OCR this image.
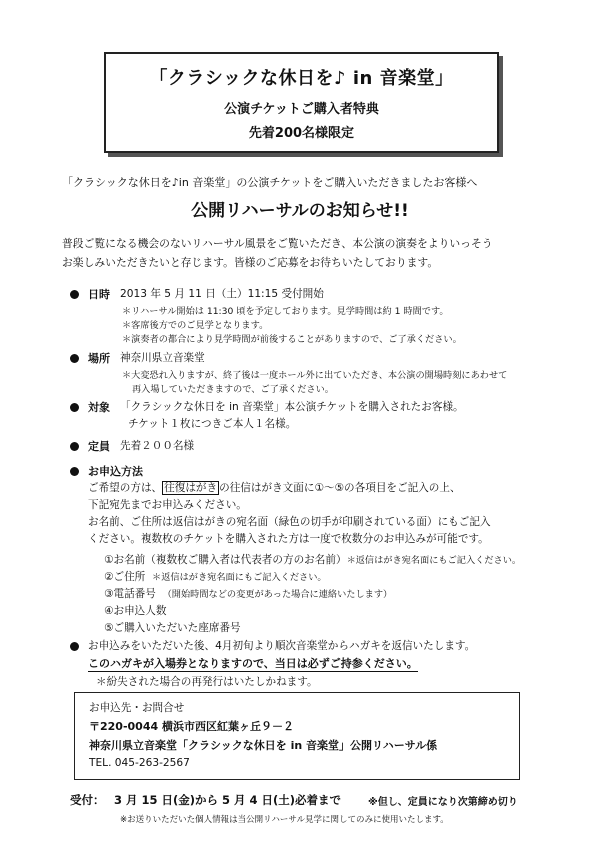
「クラシックな休日を♪ in 音楽堂」
公演チケットご購入者特典
先着200名様限定
「クラシックな休日を♪in 音楽堂」の公演チケットをご購入いただきましたお客様へ
公開リハーサルのお知らせ!!
普段ご覧になる機会のないリハーサル風景をご覧いただき、本公演の演奏をよりいっそう
お楽しみいただきたいと存じます。皆様のご応募をお待ちいたしております。
日時 2013 年 5 月 11 日（土）11:15 受付開始
＊リハーサル開始は 11:30 頃を予定しております。見学時間は約 1 時間です。
＊客席後方でのご見学となります。
＊演奏者の都合により見学時間が前後することがありますので、ご了承ください。
場所 神奈川県立音楽堂
＊大変恐れ入りますが、終了後は一度ホール外に出ていただき、本公演の開場時刻にあわせて
再入場していただきますので、ご了承ください。
対象 「クラシックな休日を in 音楽堂」本公演チケットを購入されたお客様。
チケット１枚につきご本人１名様。
定員 先着２００名様
お申込方法
ご希望の方は、 往復はがき の往信はがき文面に①～⑤の各項目をご記入の上、
下記宛先までお申込みください。
お名前、ご住所は返信はがきの宛名面（緑色の切手が印刷されている面）にもご記入
ください。複数枚のチケットを購入された方は一度で枚数分のお申込みが可能です。
①お名前（複数枚ご購入者は代表者の方のお名前）＊返信はがき宛名面にもご記入ください。
②ご住所 ＊返信はがき宛名面にもご記入ください。
③電話番号 （開始時間などの変更があった場合に連絡いたします）
④お申込人数
⑤ご購入いただいた座席番号
お申込みをいただいた後、4月初旬より順次音楽堂からハガキを返信いたします。
このハガキが入場券となりますので、当日は必ずご持参ください。
＊紛失された場合の再発行はいたしかねます。
お申込先・お問合せ
〒220-0044 横浜市西区紅葉ヶ丘９－２
神奈川県立音楽堂「クラシックな休日を in 音楽堂」公開リハーサル係
TEL. 045-263-2567
受付： 3 月 15 日(金)から 5 月 4 日(土)必着まで	※但し、定員になり次第締め切り
※お送りいただいた個人情報は当公開リハーサル見学に関してのみに使用いたします。
